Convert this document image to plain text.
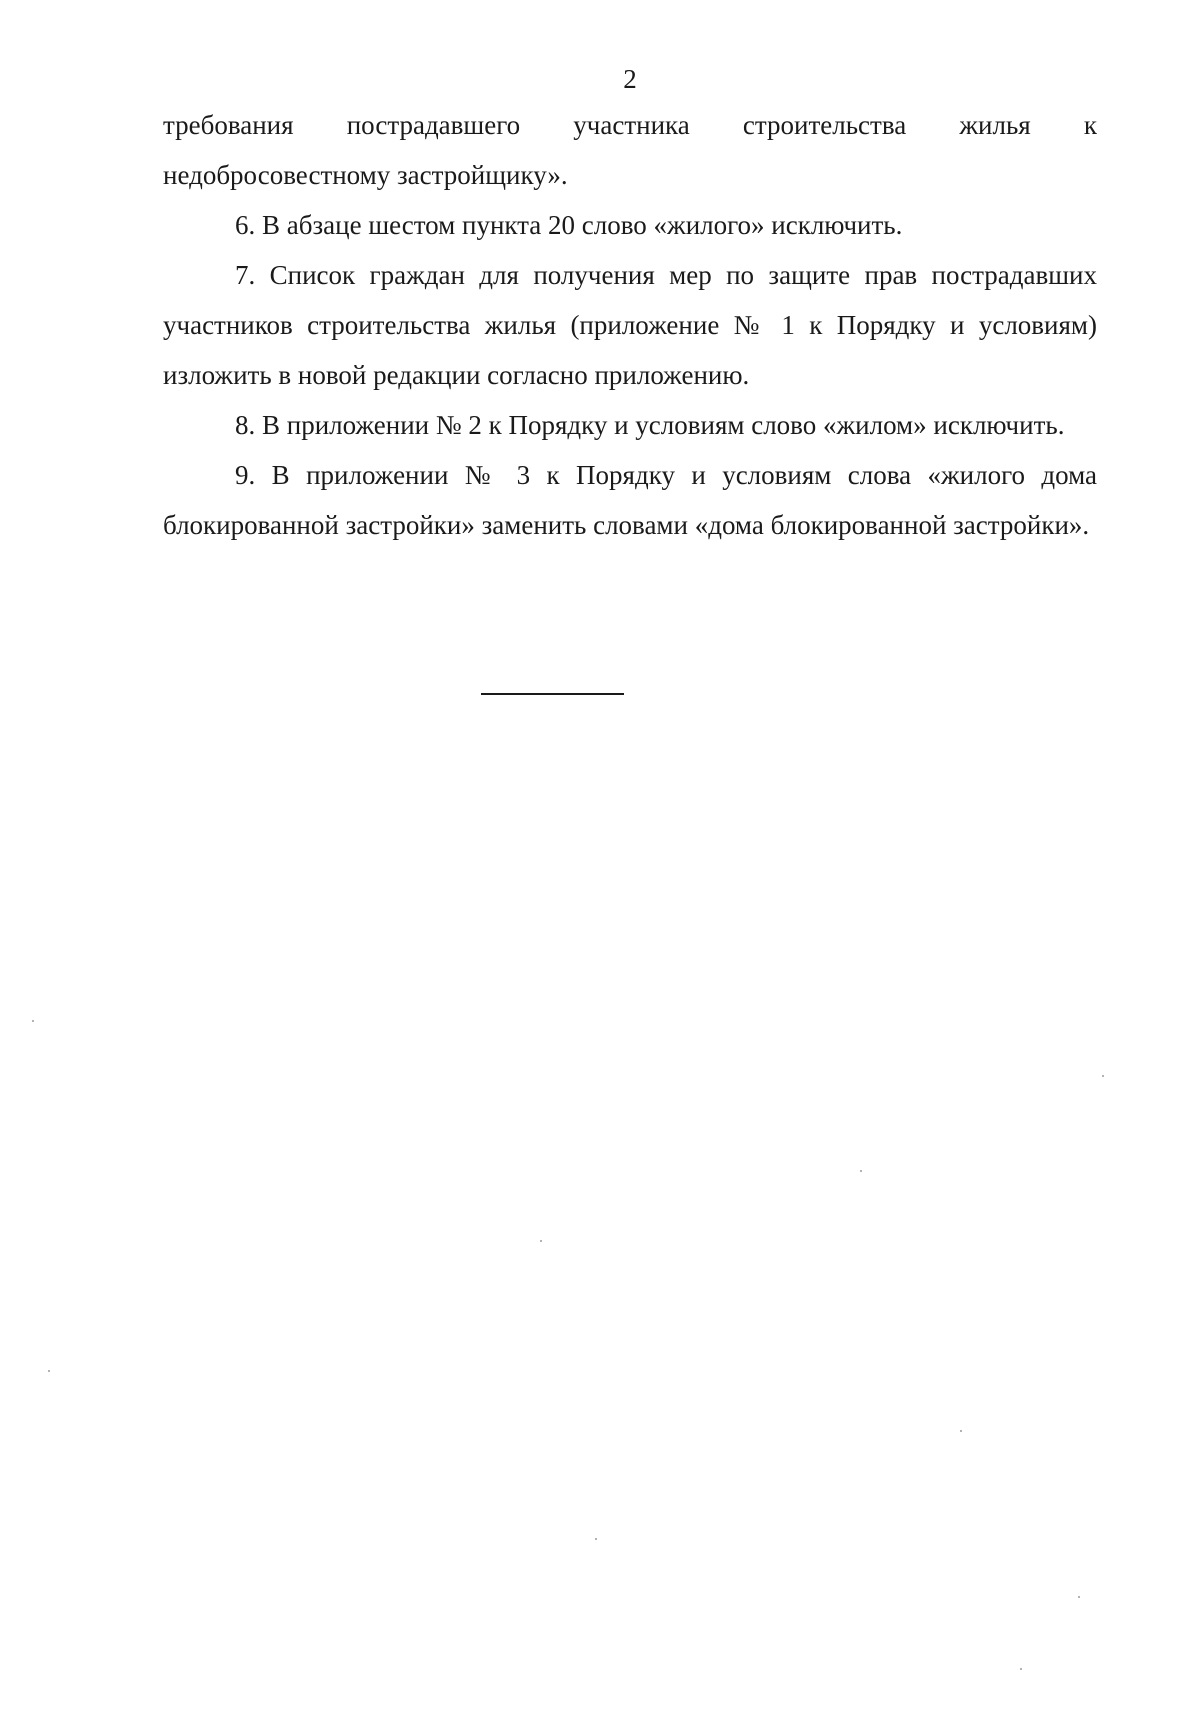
2

требования пострадавшего участника строительства жилья к

недобросовестному застройщику».

6. В абзаце шестом пункта 20 слово «жилого» исключить.

7. Список граждан для получения мер по защите прав пострадавших участников строительства жилья (приложение № 1 к Порядку и условиям) изложить в новой редакции согласно приложению.

8. В приложении № 2 к Порядку и условиям слово «жилом» исключить.

9. В приложении № 3 к Порядку и условиям слова «жилого дома блокированной застройки» заменить словами «дома блокированной застройки».
